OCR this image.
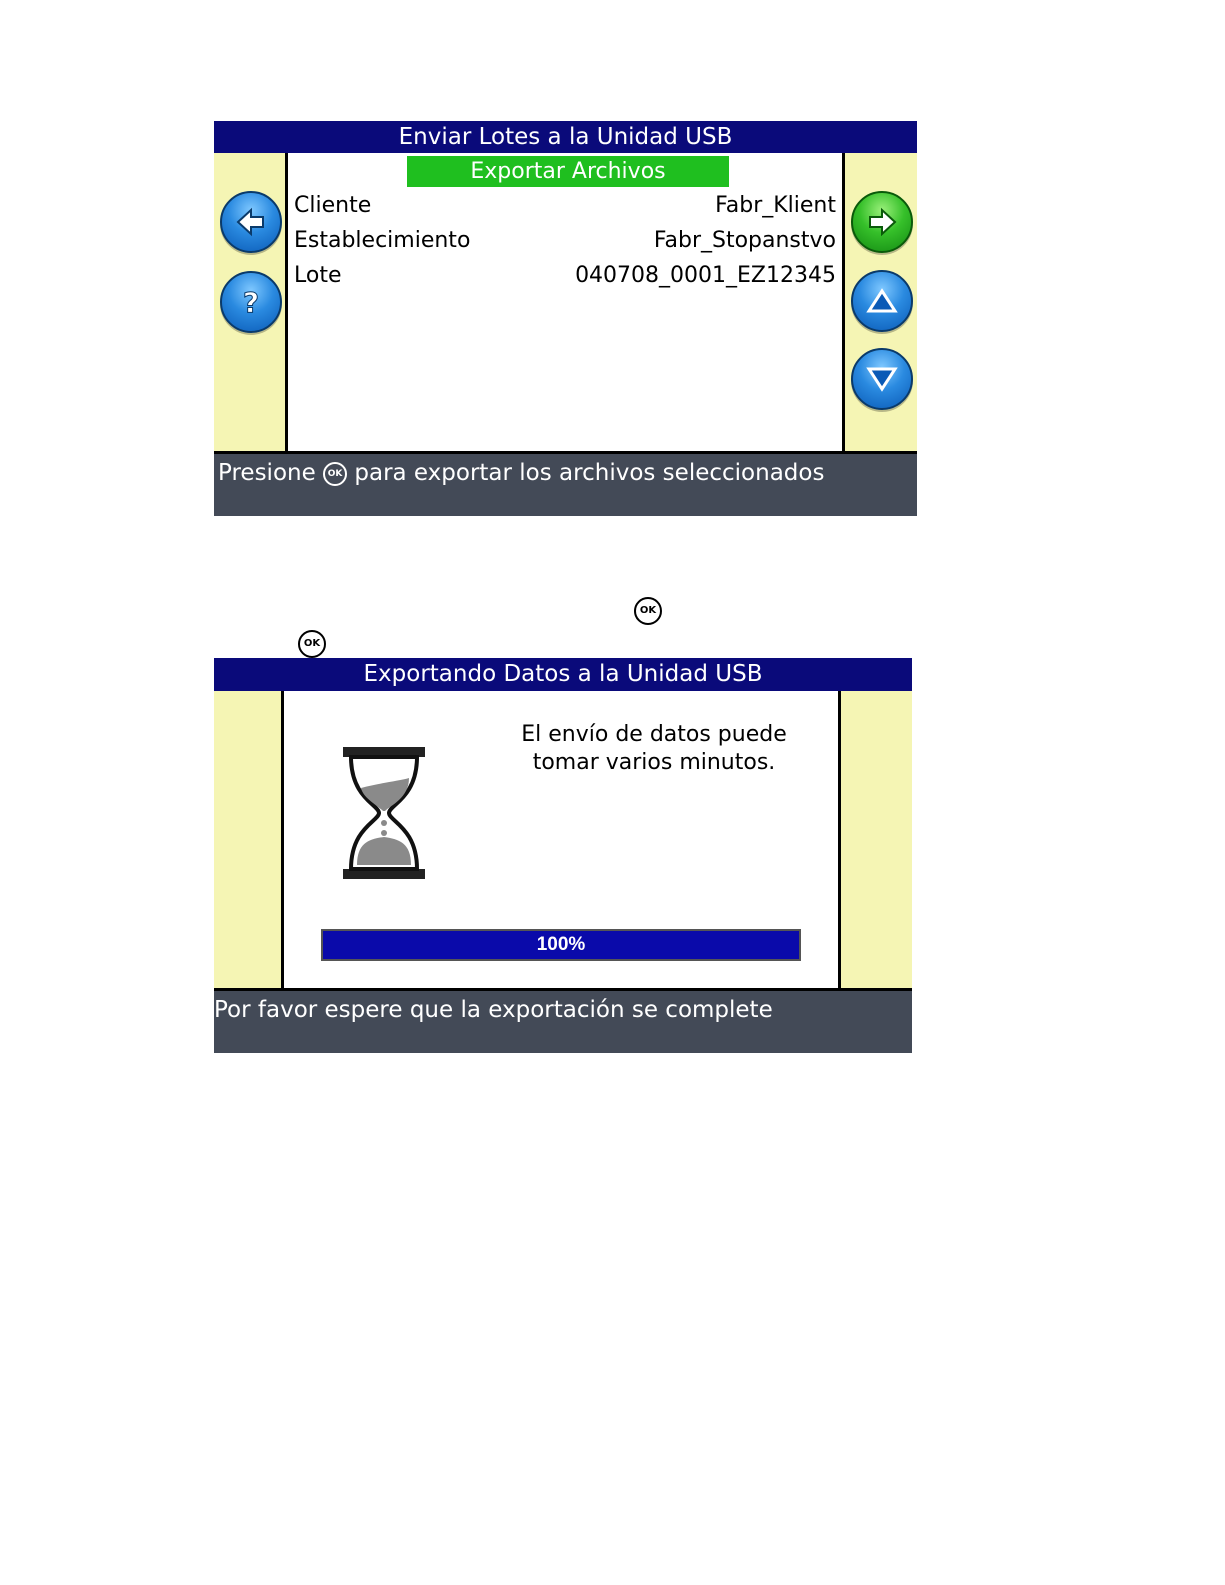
Enviar Lotes a la Unidad USB
?
Exportar Archivos
Cliente	Fabr_Klient
Establecimiento	Fabr_Stopanstvo
Lote	040708_0001_EZ12345
Presione OK para exportar los archivos seleccionados
OK
OK
Exportando Datos a la Unidad USB
El envío de datos puede
tomar varios minutos.
100%
Por favor espere que la exportación se complete
